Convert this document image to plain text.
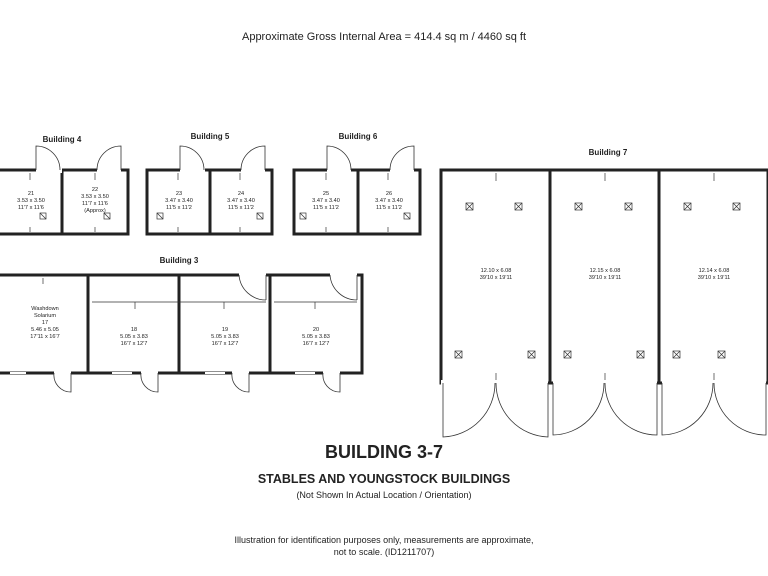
Approximate Gross Internal Area = 414.4 sq m / 4460 sq ft
Building 4	Building 5	Building 6
Building 7
Building 3
21
3.53 x 3.50
11'7 x 11'6
22
3.53 x 3.50
11'7 x 11'6
(Approx)
23
3.47 x 3.40
11'5 x 11'2
24
3.47 x 3.40
11'5 x 11'2
25
3.47 x 3.40
11'5 x 11'2
26
3.47 x 3.40
11'5 x 11'2
Washdown
Solarium
17
5.46 x 5.05
17'11 x 16'7
18
5.05 x 3.83
16'7 x 12'7
19
5.05 x 3.83
16'7 x 12'7
20
5.05 x 3.83
16'7 x 12'7
12.10 x 6.08
39'10 x 19'11
12.15 x 6.08
39'10 x 19'11
12.14 x 6.08
39'10 x 19'11
BUILDING 3-7
STABLES AND YOUNGSTOCK BUILDINGS
(Not Shown In Actual Location / Orientation)
Illustration for identification purposes only, measurements are approximate,
not to scale. (ID1211707)
